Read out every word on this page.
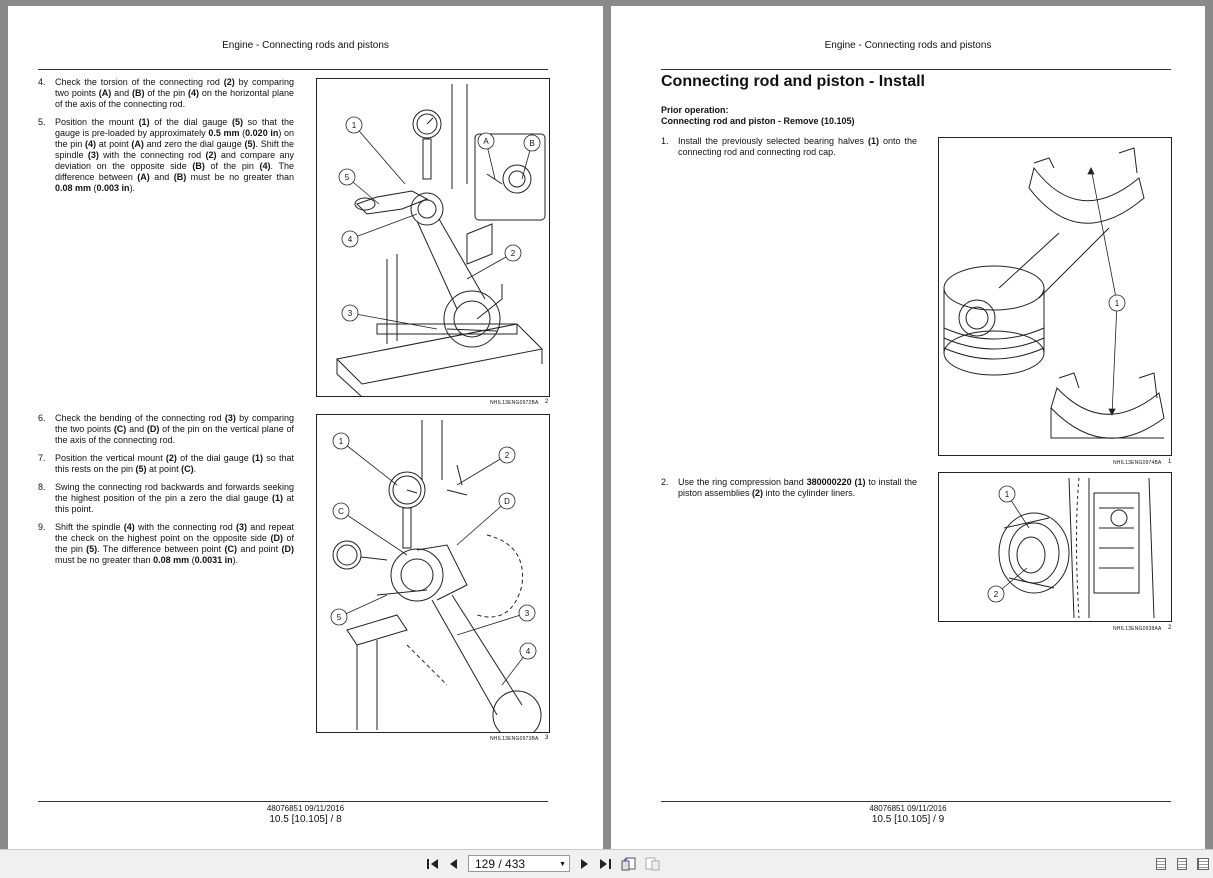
Engine - Connecting rods and pistons
4. Check the torsion of the connecting rod (2) by comparing two points (A) and (B) of the pin (4) on the horizontal plane of the axis of the connecting rod.
5. Position the mount (1) of the dial gauge (5) so that the gauge is pre-loaded by approximately 0.5 mm (0.020 in) on the pin (4) at point (A) and zero the dial gauge (5). Shift the spindle (3) with the connecting rod (2) and compare any deviation on the opposite side (B) of the pin (4). The difference between (A) and (B) must be no greater than 0.08 mm (0.003 in).
1
5
4
3
2
A	B
NHIL13ENG0972BA 2
6. Check the bending of the connecting rod (3) by comparing the two points (C) and (D) of the pin on the vertical plane of the axis of the connecting rod.
7. Position the vertical mount (2) of the dial gauge (1) so that this rests on the pin (5) at point (C).
8. Swing the connecting rod backwards and forwards seeking the highest position of the pin a zero the dial gauge (1) at this point.
9. Shift the spindle (4) with the connecting rod (3) and repeat the check on the highest point on the opposite side (D) of the pin (5). The difference between point (C) and point (D) must be no greater than 0.08 mm (0.0031 in).
1
2
C
D
5	3
4
NHIL13ENG0973BA 3
48076851 09/11/2016
10.5 [10.105] / 8
Engine - Connecting rods and pistons
Connecting rod and piston - Install
Prior operation:
Connecting rod and piston - Remove (10.105)
1. Install the previously selected bearing halves (1) onto the connecting rod and connecting rod cap.
1
NHIL13ENG0974BA 1
2. Use the ring compression band 380000220 (1) to install the piston assemblies (2) into the cylinder liners.	1
2
NHIL13ENG0938AA 2
48076851 09/11/2016
10.5 [10.105] / 9
129 / 433	▼
